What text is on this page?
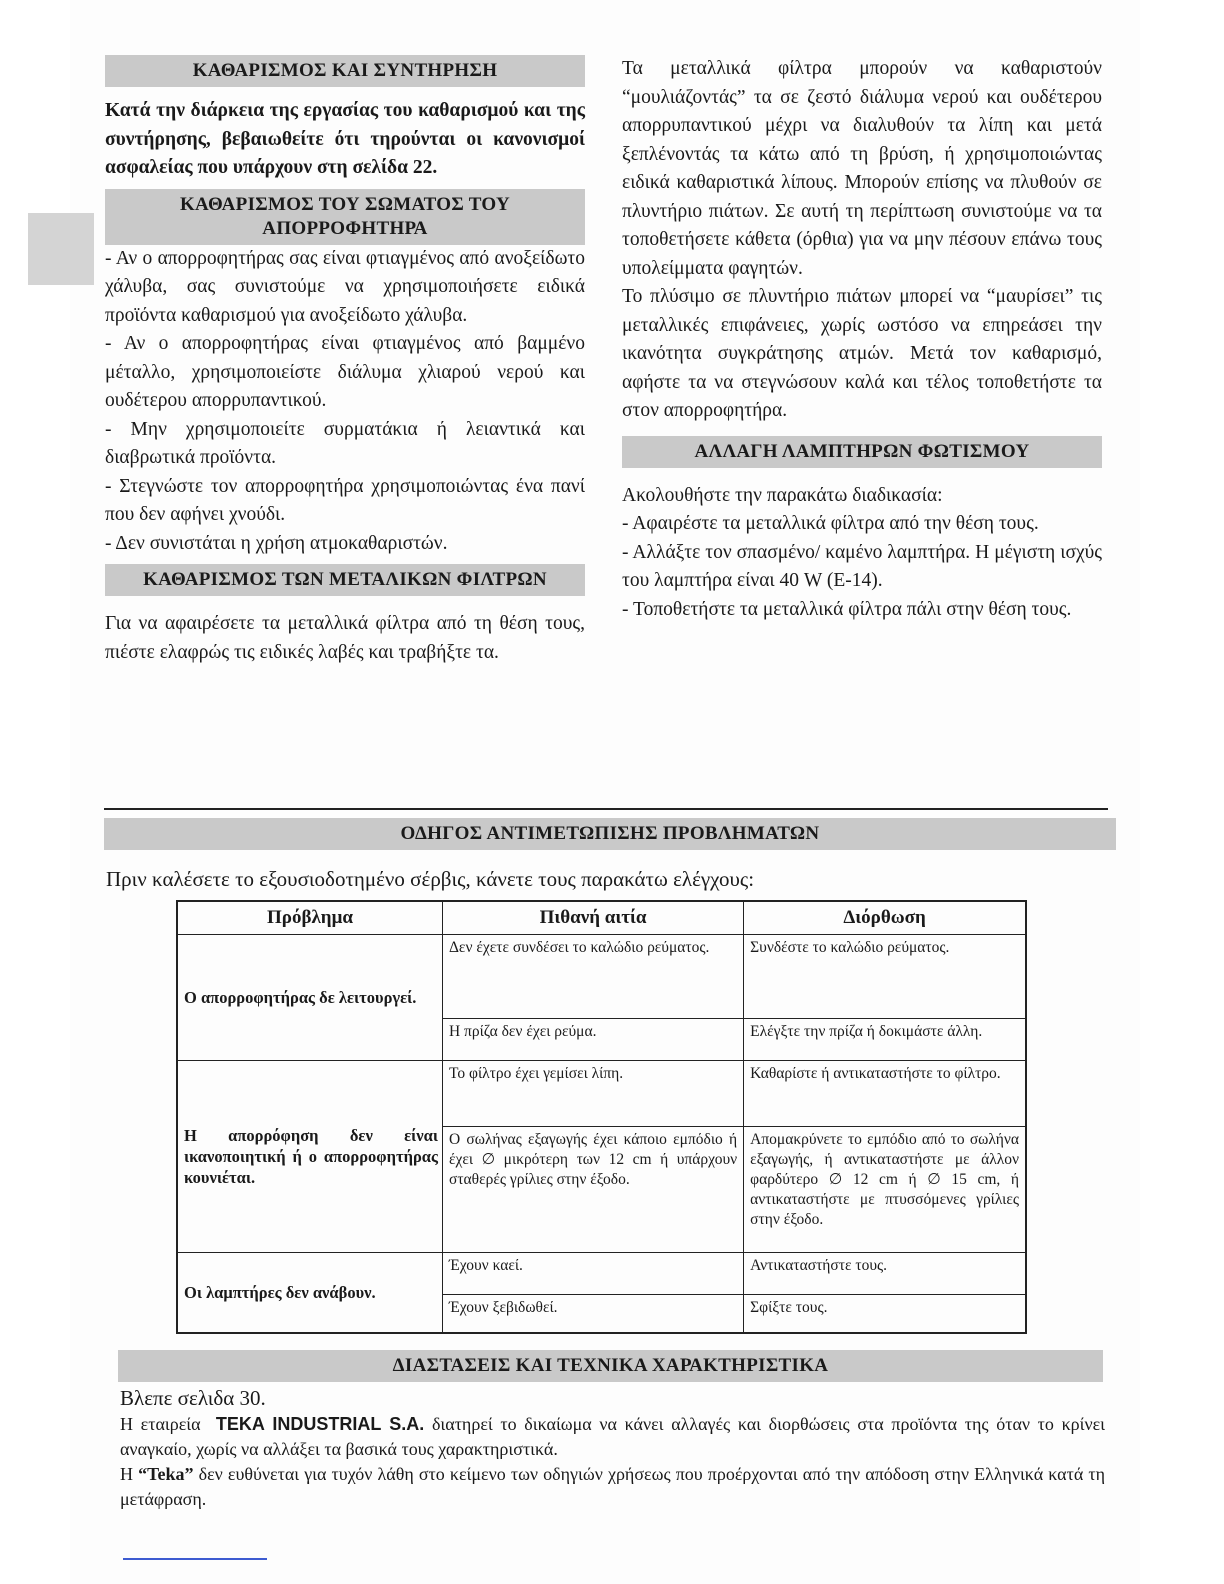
ΚΑΘΑΡΙΣΜΟΣ ΚΑΙ ΣΥΝΤΗΡΗΣΗ

Κατά την διάρκεια της εργασίας του καθαρισμού και της συντήρησης, βεβαιωθείτε ότι τηρούνται οι κανονισμοί ασφαλείας που υπάρχουν στη σελίδα 22.

ΚΑΘΑΡΙΣΜΟΣ ΤΟΥ ΣΩΜΑΤΟΣ ΤΟΥ
ΑΠΟΡΡΟΦΗΤΗΡΑ

- Αν ο απορροφητήρας σας είναι φτιαγμένος από ανοξείδωτο χάλυβα, σας συνιστούμε να χρησιμοποιήσετε ειδικά προϊόντα καθαρισμού για ανοξείδωτο χάλυβα.

- Αν ο απορροφητήρας είναι φτιαγμένος από βαμμένο μέταλλο, χρησιμοποιείστε διάλυμα χλιαρού νερού και ουδέτερου απορρυπαντικού.

- Μην χρησιμοποιείτε συρματάκια ή λειαντικά και διαβρωτικά προϊόντα.

- Στεγνώστε τον απορροφητήρα χρησιμοποιώντας ένα πανί που δεν αφήνει χνούδι.

- Δεν συνιστάται η χρήση ατμοκαθαριστών.

ΚΑΘΑΡΙΣΜΟΣ ΤΩΝ ΜΕΤΑΛΙΚΩΝ ΦΙΛΤΡΩΝ

Για να αφαιρέσετε τα μεταλλικά φίλτρα από τη θέση τους, πιέστε ελαφρώς τις ειδικές λαβές και τραβήξτε τα.

Τα μεταλλικά φίλτρα μπορούν να καθαριστούν “μουλιάζοντάς” τα σε ζεστό διάλυμα νερού και ουδέτερου απορρυπαντικού μέχρι να διαλυθούν τα λίπη και μετά ξεπλένοντάς τα κάτω από τη βρύση, ή χρησιμοποιώντας ειδικά καθαριστικά λίπους. Μπορούν επίσης να πλυθούν σε πλυντήριο πιάτων. Σε αυτή τη περίπτωση συνιστούμε να τα τοποθετήσετε κάθετα (όρθια) για να μην πέσουν επάνω τους υπολείμματα φαγητών.

Το πλύσιμο σε πλυντήριο πιάτων μπορεί να “μαυρίσει” τις μεταλλικές επιφάνειες, χωρίς ωστόσο να επηρεάσει την ικανότητα συγκράτησης ατμών. Μετά τον καθαρισμό, αφήστε τα να στεγνώσουν καλά και τέλος τοποθετήστε τα στον απορροφητήρα.

ΑΛΛΑΓΗ ΛΑΜΠΤΗΡΩΝ ΦΩΤΙΣΜΟΥ

Ακολουθήστε την παρακάτω διαδικασία:

- Αφαιρέστε τα μεταλλικά φίλτρα από την θέση τους.

- Αλλάξτε τον σπασμένο/ καμένο λαμπτήρα. Η μέγιστη ισχύς του λαμπτήρα είναι 40 W (E-14).

- Τοποθετήστε τα μεταλλικά φίλτρα πάλι στην θέση τους.

ΟΔΗΓΟΣ ΑΝΤΙΜΕΤΩΠΙΣΗΣ ΠΡΟΒΛΗΜΑΤΩΝ
Πριν καλέσετε το εξουσιοδοτημένο σέρβις, κάνετε τους παρακάτω ελέγχους:
Πρόβλημα	Πιθανή αιτία	Διόρθωση
Ο απορροφητήρας δε λειτουργεί.	Δεν έχετε συνδέσει το καλώδιο ρεύματος.	Συνδέστε το καλώδιο ρεύματος.
	Η πρίζα δεν έχει ρεύμα.	Ελέγξτε την πρίζα ή δοκιμάστε άλλη.
Η απορρόφηση δεν είναι ικανοποιητική ή ο απορροφητήρας κουνιέται.	Το φίλτρο έχει γεμίσει λίπη.	Καθαρίστε ή αντικαταστήστε το φίλτρο.
	Ο σωλήνας εξαγωγής έχει κάποιο εμπόδιο ή έχει ∅ μικρότερη των 12 cm ή υπάρχουν σταθερές γρίλιες στην έξοδο.	Απομακρύνετε το εμπόδιο από το σωλήνα εξαγωγής, ή αντικαταστήστε με άλλον φαρδύτερο ∅ 12 cm ή ∅ 15 cm, ή αντικαταστήστε με πτυσσόμενες γρίλιες στην έξοδο.
Οι λαμπτήρες δεν ανάβουν.	Έχουν καεί.	Αντικαταστήστε τους.
	Έχουν ξεβιδωθεί.	Σφίξτε τους.
ΔΙΑΣΤΑΣΕΙΣ ΚΑΙ ΤΕΧΝΙΚΑ ΧΑΡΑΚΤΗΡΙΣΤΙΚΑ

Βλεπε σελιδα 30.

Η εταιρεία TEKA INDUSTRIAL S.A. διατηρεί το δικαίωμα να κάνει αλλαγές και διορθώσεις στα προϊόντα της όταν το κρίνει αναγκαίο, χωρίς να αλλάξει τα βασικά τους χαρακτηριστικά.

Η “Teka” δεν ευθύνεται για τυχόν λάθη στο κείμενο των οδηγιών χρήσεως που προέρχονται από την απόδοση στην Ελληνικά κατά τη μετάφραση.
